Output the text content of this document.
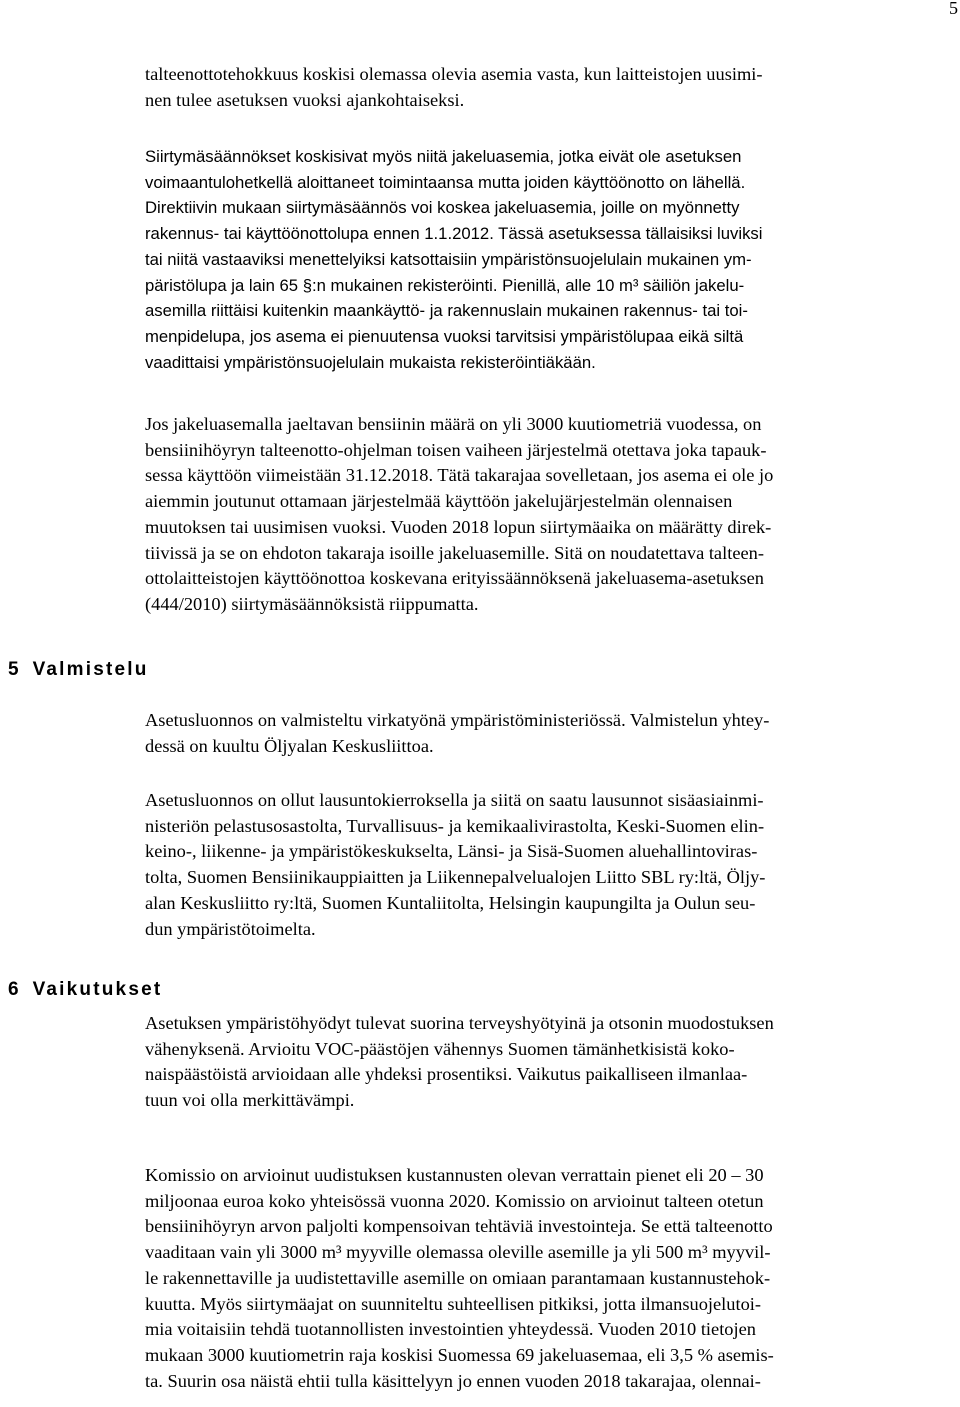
5
5 Valmistelu
6 Vaikutukset

talteenottotehokkuus koskisi olemassa olevia asemia vasta, kun laitteistojen uusimi-
nen tulee asetuksen vuoksi ajankohtaiseksi.

Siirtymäsäännökset koskisivat myös niitä jakeluasemia, jotka eivät ole asetuksen
voimaantulohetkellä aloittaneet toimintaansa mutta joiden käyttöönotto on lähellä.
Direktiivin mukaan siirtymäsäännös voi koskea jakeluasemia, joille on myönnetty
rakennus- tai käyttöönottolupa ennen 1.1.2012. Tässä asetuksessa tällaisiksi luviksi
tai niitä vastaaviksi menettelyiksi katsottaisiin ympäristönsuojelulain mukainen ym-
päristölupa ja lain 65 §:n mukainen rekisteröinti. Pienillä, alle 10 m³ säiliön jakelu-
asemilla riittäisi kuitenkin maankäyttö- ja rakennuslain mukainen rakennus- tai toi-
menpidelupa, jos asema ei pienuutensa vuoksi tarvitsisi ympäristölupaa eikä siltä
vaadittaisi ympäristönsuojelulain mukaista rekisteröintiäkään.

Jos jakeluasemalla jaeltavan bensiinin määrä on yli 3000 kuutiometriä vuodessa, on
bensiinihöyryn talteenotto-ohjelman toisen vaiheen järjestelmä otettava joka tapauk-
sessa käyttöön viimeistään 31.12.2018. Tätä takarajaa sovelletaan, jos asema ei ole jo
aiemmin joutunut ottamaan järjestelmää käyttöön jakelujärjestelmän olennaisen
muutoksen tai uusimisen vuoksi. Vuoden 2018 lopun siirtymäaika on määrätty direk-
tiivissä ja se on ehdoton takaraja isoille jakeluasemille. Sitä on noudatettava talteen-
ottolaitteistojen käyttöönottoa koskevana erityissäännöksenä jakeluasema-asetuksen
(444/2010) siirtymäsäännöksistä riippumatta.

Asetusluonnos on valmisteltu virkatyönä ympäristöministeriössä. Valmistelun yhtey-
dessä on kuultu Öljyalan Keskusliittoa.

Asetusluonnos on ollut lausuntokierroksella ja siitä on saatu lausunnot sisäasiainmi-
nisteriön pelastusosastolta, Turvallisuus- ja kemikaalivirastolta, Keski-Suomen elin-
keino-, liikenne- ja ympäristökeskukselta, Länsi- ja Sisä-Suomen aluehallintoviras-
tolta, Suomen Bensiinikauppiaitten ja Liikennepalvelualojen Liitto SBL ry:ltä, Öljy-
alan Keskusliitto ry:ltä, Suomen Kuntaliitolta, Helsingin kaupungilta ja Oulun seu-
dun ympäristötoimelta.

Asetuksen ympäristöhyödyt tulevat suorina terveyshyötyinä ja otsonin muodostuksen
vähenyksenä. Arvioitu VOC-päästöjen vähennys Suomen tämänhetkisistä koko-
naispäästöistä arvioidaan alle yhdeksi prosentiksi. Vaikutus paikalliseen ilmanlaa-
tuun voi olla merkittävämpi.

Komissio on arvioinut uudistuksen kustannusten olevan verrattain pienet eli 20 – 30
miljoonaa euroa koko yhteisössä vuonna 2020. Komissio on arvioinut talteen otetun
bensiinihöyryn arvon paljolti kompensoivan tehtäviä investointeja. Se että talteenotto
vaaditaan vain yli 3000 m³ myyville olemassa oleville asemille ja yli 500 m³ myyvil-
le rakennettaville ja uudistettaville asemille on omiaan parantamaan kustannustehok-
kuutta. Myös siirtymäajat on suunniteltu suhteellisen pitkiksi, jotta ilmansuojelutoi-
mia voitaisiin tehdä tuotannollisten investointien yhteydessä. Vuoden 2010 tietojen
mukaan 3000 kuutiometrin raja koskisi Suomessa 69 jakeluasemaa, eli 3,5 % asemis-
ta. Suurin osa näistä ehtii tulla käsittelyyn jo ennen vuoden 2018 takarajaa, olennai-
